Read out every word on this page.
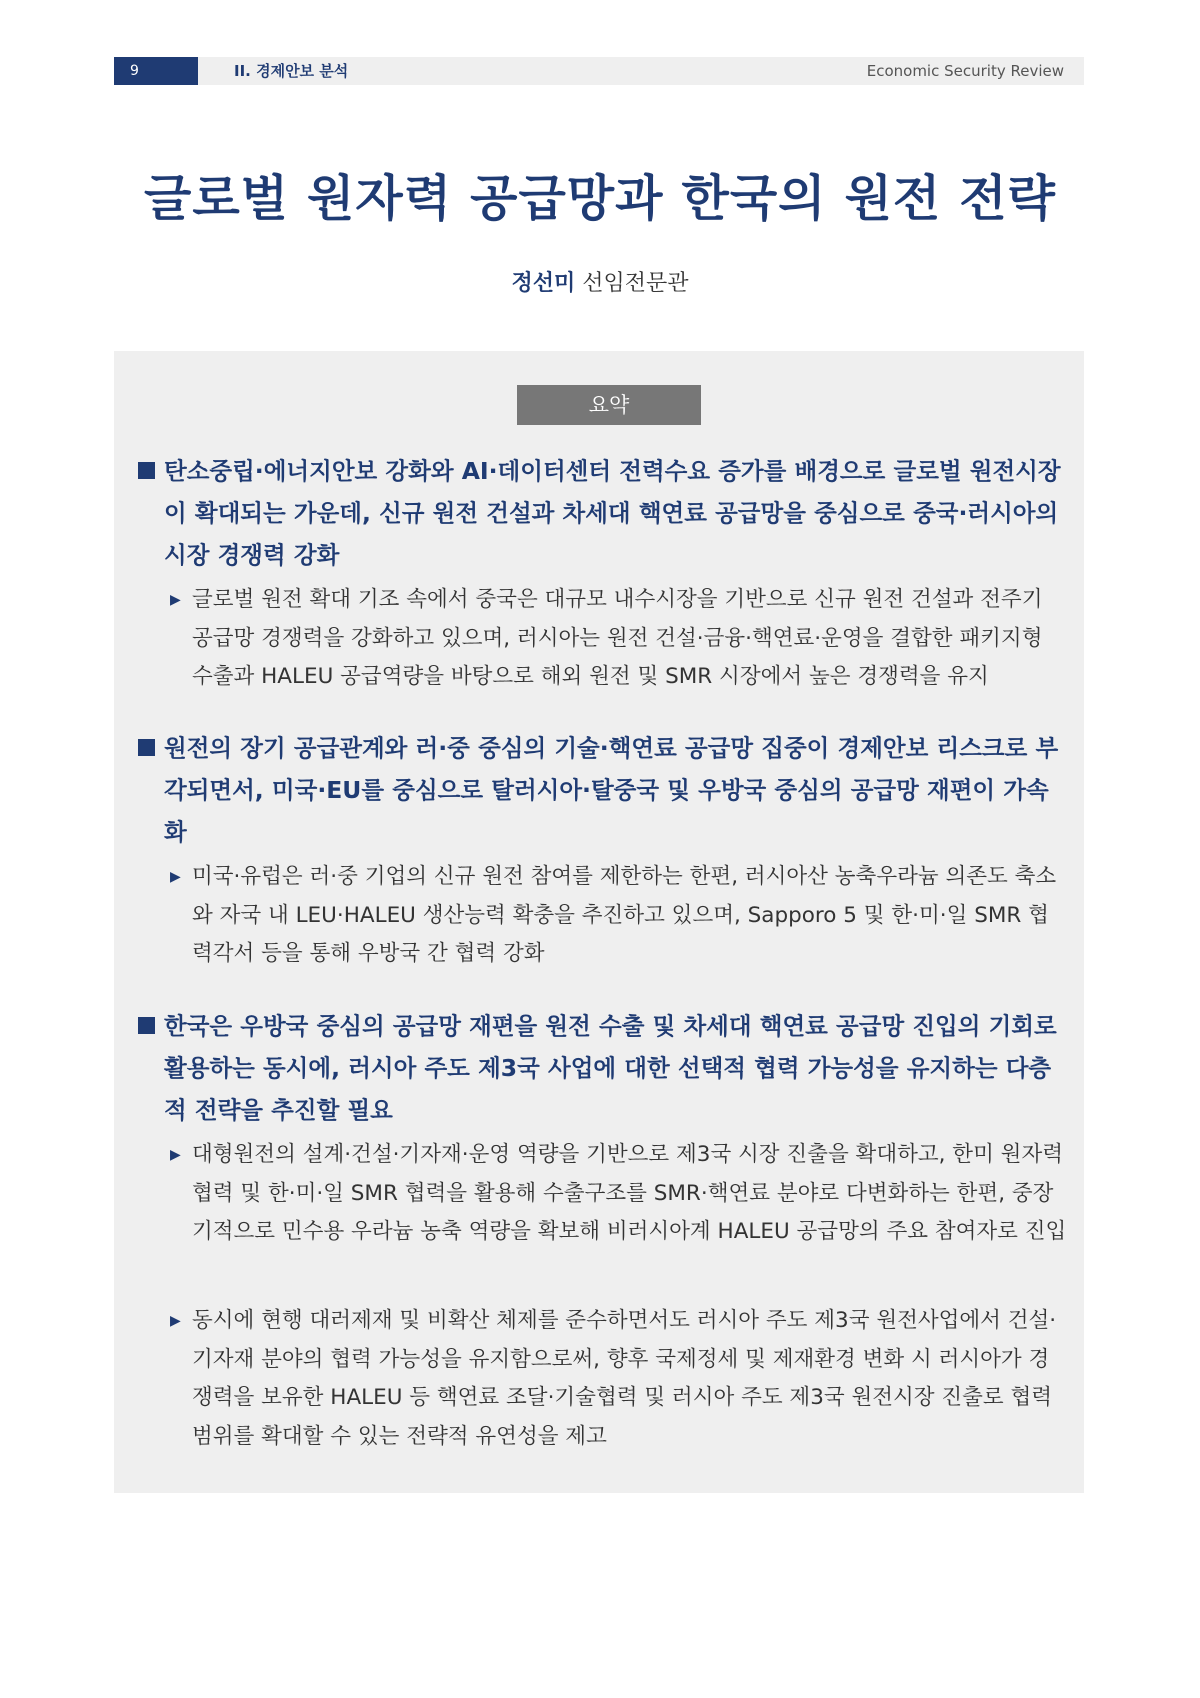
9	II. 경제안보 분석	Economic Security Review
글로벌 원자력 공급망과 한국의 원전 전략
정선미 선임전문관
요약

탄소중립·에너지안보 강화와 AI·데이터센터 전력수요 증가를 배경으로 글로벌 원전시장이 확대되는 가운데, 신규 원전 건설과 차세대 핵연료 공급망을 중심으로 중국·러시아의 시장 경쟁력 강화

▶ 글로벌 원전 확대 기조 속에서 중국은 대규모 내수시장을 기반으로 신규 원전 건설과 전주기 공급망 경쟁력을 강화하고 있으며, 러시아는 원전 건설·금융·핵연료·운영을 결합한 패키지형 수출과 HALEU 공급역량을 바탕으로 해외 원전 및 SMR 시장에서 높은 경쟁력을 유지

원전의 장기 공급관계와 러·중 중심의 기술·핵연료 공급망 집중이 경제안보 리스크로 부각되면서, 미국·EU를 중심으로 탈러시아·탈중국 및 우방국 중심의 공급망 재편이 가속화

▶ 미국·유럽은 러·중 기업의 신규 원전 참여를 제한하는 한편, 러시아산 농축우라늄 의존도 축소와 자국 내 LEU·HALEU 생산능력 확충을 추진하고 있으며, Sapporo 5 및 한·미·일 SMR 협력각서 등을 통해 우방국 간 협력 강화

한국은 우방국 중심의 공급망 재편을 원전 수출 및 차세대 핵연료 공급망 진입의 기회로 활용하는 동시에, 러시아 주도 제3국 사업에 대한 선택적 협력 가능성을 유지하는 다층적 전략을 추진할 필요

▶ 대형원전의 설계·건설·기자재·운영 역량을 기반으로 제3국 시장 진출을 확대하고, 한미 원자력협력 및 한·미·일 SMR 협력을 활용해 수출구조를 SMR·핵연료 분야로 다변화하는 한편, 중장기적으로 민수용 우라늄 농축 역량을 확보해 비러시아계 HALEU 공급망의 주요 참여자로 진입

▶ 동시에 현행 대러제재 및 비확산 체제를 준수하면서도 러시아 주도 제3국 원전사업에서 건설·기자재 분야의 협력 가능성을 유지함으로써, 향후 국제정세 및 제재환경 변화 시 러시아가 경쟁력을 보유한 HALEU 등 핵연료 조달·기술협력 및 러시아 주도 제3국 원전시장 진출로 협력 범위를 확대할 수 있는 전략적 유연성을 제고
